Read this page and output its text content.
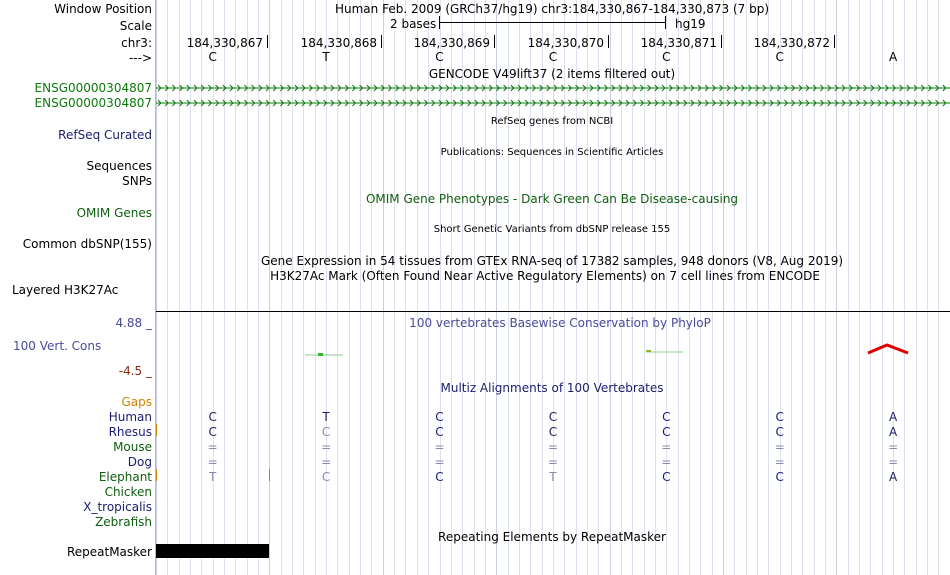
Window Position	Human Feb. 2009 (GRCh37/hg19) chr3:184,330,867-184,330,873 (7 bp)
Scale	2 bases	hg19
chr3:	184,330,867	184,330,868	184,330,869	184,330,870	184,330,871	184,330,872
--->	C	T	C	C	C	C	A
GENCODE V49lift37 (2 items filtered out)
ENSG00000304807
ENSG00000304807
RefSeq genes from NCBI
RefSeq Curated
Publications: Sequences in Scientific Articles
Sequences
SNPs
OMIM Gene Phenotypes - Dark Green Can Be Disease-causing
OMIM Genes
Short Genetic Variants from dbSNP release 155
Common dbSNP(155)
Gene Expression in 54 tissues from GTEx RNA-seq of 17382 samples, 948 donors (V8, Aug 2019)
H3K27Ac Mark (Often Found Near Active Regulatory Elements) on 7 cell lines from ENCODE
Layered H3K27Ac
4.88 _	100 vertebrates Basewise Conservation by PhyloP
100 Vert. Cons
-4.5 _
Multiz Alignments of 100 Vertebrates
Gaps
Human	C	T	C	C	C	C	A
Rhesus	C	C	C	C	C	C	A
Mouse	=	=	=	=	=	=	=
Dog	=	=	=	=	=	=	=
Elephant	T	C	C	T	C	C	A
Chicken
X_tropicalis
Zebrafish
Repeating Elements by RepeatMasker
RepeatMasker
